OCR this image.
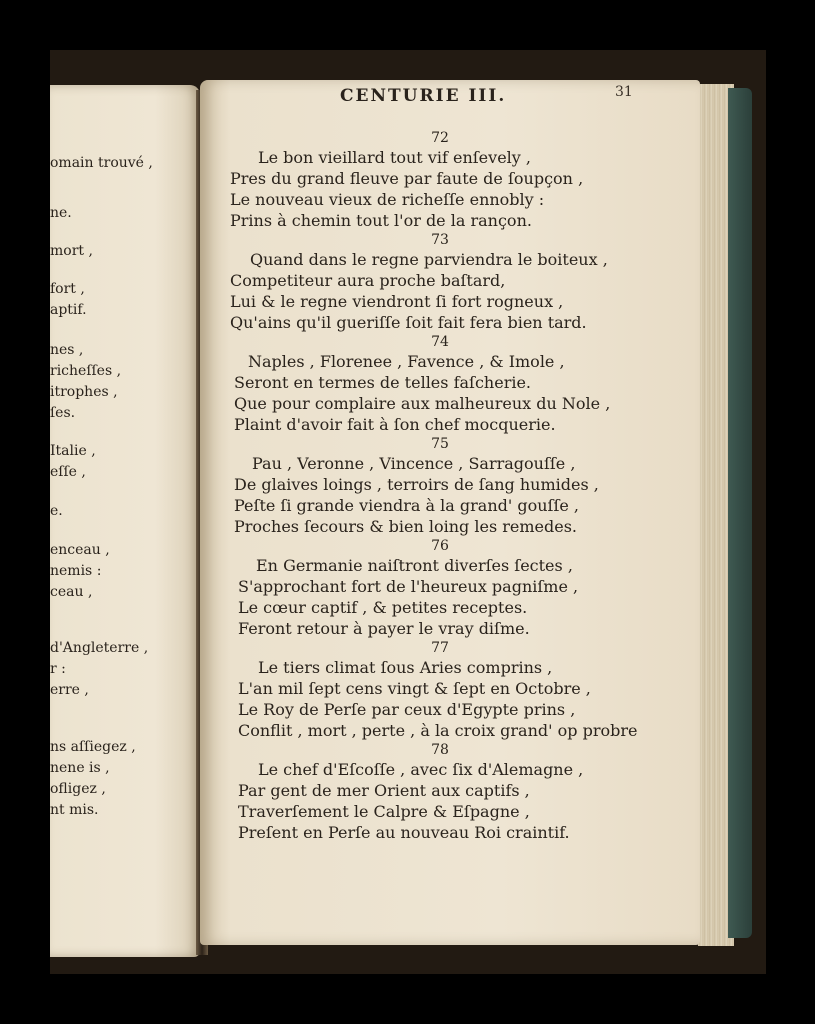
omain trouvé ,
ne.
mort ,
fort ,
aptif.
nes ,
richeſſes ,
itrophes ,
ſes.
Italie ,
eſſe ,
e.
enceau ,
nemis :
ceau ,
d'Angleterre ,
r :
erre ,
ns aſſiegez ,
nene is ,
ofligez ,
nt mis.
CENTURIE III.	31
72
Le bon vieillard tout vif enſevely ,
Pres du grand fleuve par faute de ſoupçon ,
Le nouveau vieux de richeſſe ennobly :
Prins à chemin tout l'or de la rançon.
73
Quand dans le regne parviendra le boiteux ,
Competiteur aura proche baſtard,
Lui & le regne viendront ſi fort rogneux ,
Qu'ains qu'il gueriſſe ſoit fait fera bien tard.
74
Naples , Florenee , Favence , & Imole ,
Seront en termes de telles faſcherie.
Que pour complaire aux malheureux du Nole ,
Plaint d'avoir fait à ſon chef mocquerie.
75
Pau , Veronne , Vincence , Sarragouſſe ,
De glaives loings , terroirs de ſang humides ,
Peſte ſi grande viendra à la grand' gouſſe ,
Proches ſecours & bien loing les remedes.
76
En Germanie naiſtront diverſes ſectes ,
S'approchant fort de l'heureux pagniſme ,
Le cœur captif , & petites receptes.
Feront retour à payer le vray diſme.
77
Le tiers climat ſous Aries comprins ,
L'an mil ſept cens vingt & ſept en Octobre ,
Le Roy de Perſe par ceux d'Egypte prins ,
Conflit , mort , perte , à la croix grand' op probre
78
Le chef d'Eſcoſſe , avec ſix d'Alemagne ,
Par gent de mer Orient aux captifs ,
Traverſement le Calpre & Eſpagne ,
Preſent en Perſe au nouveau Roi craintif.
